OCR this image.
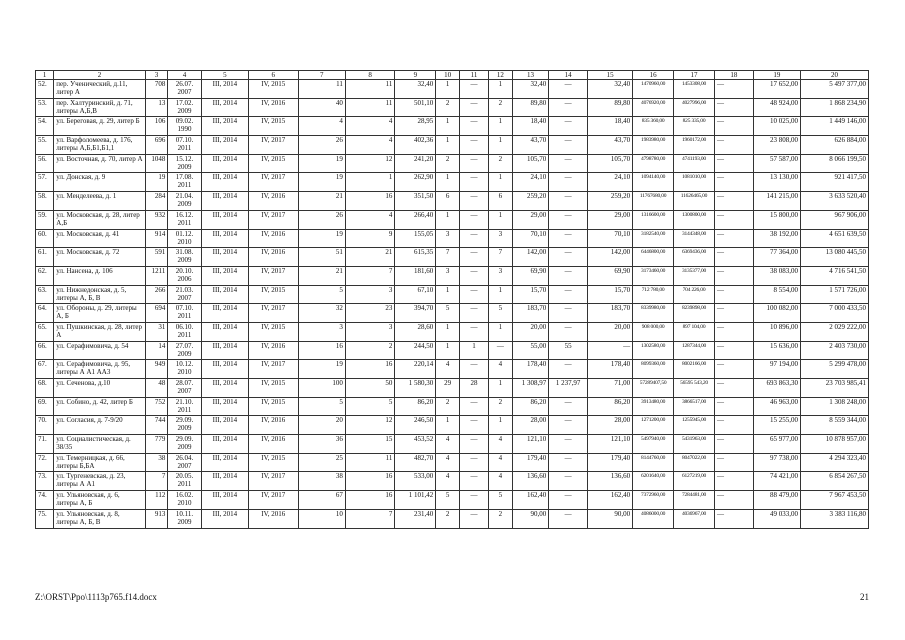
1	2	3	4	5	6	7	8	9	10	11	12	13	14	15	16	17	18	19	20
52.	пер. Ученический, д.11, литер А	708	26.07. 2007	III, 2014	IV, 2015	11	11	32,40	1	—	1	32,40	—	32,40	1470960,00	1453308,00	—	17 652,00	5 497 377,00
53.	пер. Халтуринский, д. 71, литеры А,Б,В	13	17.02. 2009	III, 2014	IV, 2016	40	11	501,10	2	—	2	89,80	—	89,80	4076920,00	4027996,00	—	48 924,00	1 868 234,90
54.	ул. Береговая, д. 29, литер Б	106	09.02. 1990	III, 2014	IV, 2015	4	4	28,95	1	—	1	18,40	—	18,40	835 360,00	825 335,00	—	10 025,00	1 449 146,00
55.	ул. Варфоломеева, д. 176, литеры А,Б,Б1,Б1,1	696	07.10. 2011	III, 2014	IV, 2017	26	4	402,36	1	—	1	43,70	—	43,70	1983980,00	1960172,00	—	23 808,00	626 884,00
56.	ул. Восточная, д. 70, литер А	1048	15.12. 2009	III, 2014	IV, 2015	19	12	241,20	2	—	2	105,70	—	105,70	4798780,00	4741193,00	—	57 587,00	8 066 199,50
57.	ул. Донская, д. 9	19	17.08. 2011	III, 2014	IV, 2017	19	1	262,90	1	—	1	24,10	—	24,10	1094140,00	1081010,00	—	13 130,00	921 417,50
58.	ул. Менделеева, д. 1	284	21.04. 2009	III, 2014	IV, 2016	21	16	351,50	6	—	6	259,20	—	259,20	11767680,00	11626465,00	—	141 215,00	3 633 520,40
59.	ул. Московская, д. 28, литер А,Б	932	16.12. 2011	III, 2014	IV, 2017	26	4	266,40	1	—	1	29,00	—	29,00	1316600,00	1300800,00	—	15 800,00	967 906,00
60.	ул. Московская, д. 41	914	01.12. 2010	III, 2014	IV, 2016	19	9	155,05	3	—	3	70,10	—	70,10	3182540,00	3144348,00	—	38 192,00	4 651 639,50
61.	ул. Московская, д. 72	591	31.08. 2009	III, 2014	IV, 2016	51	21	615,35	7	—	7	142,00	—	142,00	6446800,00	6369436,00	—	77 364,00	13 080 445,50
62.	ул. Нансена, д. 106	1211	20.10. 2006	III, 2014	IV, 2017	21	7	181,60	3	—	3	69,90	—	69,90	3173460,00	3135377,00	—	38 083,00	4 716 541,50
63.	ул. Нижнедонская, д. 5, литеры А, Б, В	266	21.03. 2007	III, 2014	IV, 2015	5	3	67,10	1	—	1	15,70	—	15,70	712 780,00	704 226,00	—	8 554,00	1 571 726,00
64.	ул. Обороны, д. 29, литеры А, Б	694	07.10. 2011	III, 2014	IV, 2017	32	23	394,70	5	—	5	183,70	—	183,70	8339980,00	8239898,00	—	100 082,00	7 000 433,50
65.	ул. Пушкинская, д. 28, литер А	31	06.10. 2011	III, 2014	IV, 2015	3	3	28,60	1	—	1	20,00	—	20,00	908 000,00	897 104,00	—	10 896,00	2 029 222,00
66.	ул. Серафимовича, д. 54	14	27.07. 2009	III, 2014	IV, 2016	16	2	244,50	1	1	—	55,00	55	—	1302580,00	1287344,00	—	15 636,00	2 403 730,00
67.	ул. Серафимовича, д. 95, литеры А А1 АА3	949	10.12. 2010	III, 2014	IV, 2017	19	16	220,14	4	—	4	178,40	—	178,40	8099360,00	8002166,00	—	97 194,00	5 299 478,00
68.	ул. Сеченова, д.10	48	28.07. 2007	III, 2014	IV, 2015	100	50	1 580,30	29	28	1	1 308,97	1 237,97	71,00	57289407,50	56595 543,20	—	693 863,30	23 703 985,41
69.	ул. Собино, д. 42, литер Б	752	21.10. 2011	III, 2014	IV, 2015	5	5	86,20	2	—	2	86,20	—	86,20	3913480,00	3866517,00	—	46 963,00	1 308 248,00
70.	ул. Согласия, д. 7-9/20	744	29.09. 2009	III, 2014	IV, 2016	20	12	246,50	1	—	1	28,00	—	28,00	1271200,00	1255945,00	—	15 255,00	8 559 344,00
71.	ул. Социалистическая, д. 38/35	779	29.09. 2009	III, 2014	IV, 2016	36	15	453,52	4	—	4	121,10	—	121,10	5497940,00	5431963,00	—	65 977,00	10 878 957,00
72.	ул. Темерницкая, д. 66, литеры Б,БА	38	26.04. 2007	III, 2014	IV, 2015	25	11	482,70	4	—	4	179,40	—	179,40	8144760,00	8047022,00	—	97 738,00	4 294 323,40
73.	ул. Тургеневская, д. 23, литеры А А1	7	20.05. 2011	III, 2014	IV, 2017	38	16	533,00	4	—	4	136,60	—	136,60	6201640,00	6127219,00	—	74 421,00	6 854 267,50
74.	ул. Ульяновская, д. 6, литеры А, Б	112	16.02. 2010	III, 2014	IV, 2017	67	16	1 101,42	5	—	5	162,40	—	162,40	7372960,00	7284481,00	—	88 479,00	7 967 453,50
75.	ул. Ульяновская, д. 8, литеры А, Б, В	913	10.11. 2009	III, 2014	IV, 2016	10	7	231,40	2	—	2	90,00	—	90,00	4086000,00	4036967,00	—	49 033,00	3 383 116,80
Z:\ORST\Ppo\1113p765.f14.docx	21
